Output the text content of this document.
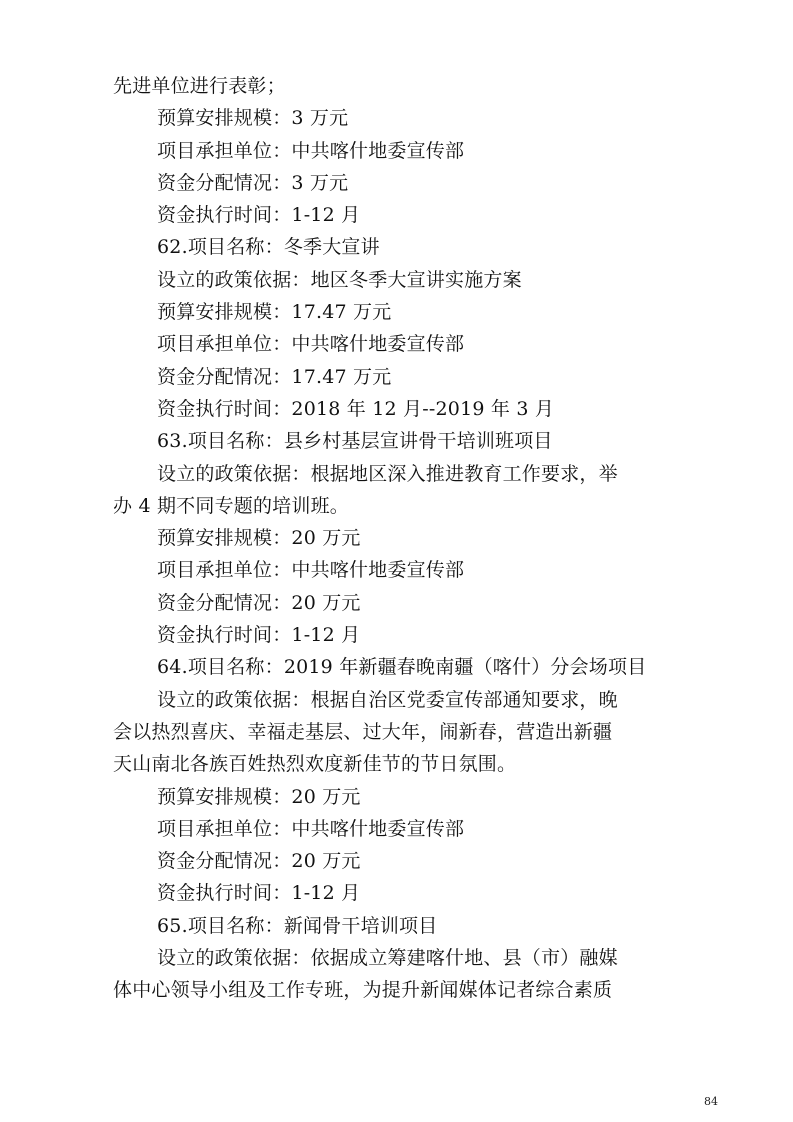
先进单位进行表彰；
预算安排规模：3 万元
项目承担单位：中共喀什地委宣传部
资金分配情况：3 万元
资金执行时间：1-12 月
62.项目名称：冬季大宣讲
设立的政策依据：地区冬季大宣讲实施方案
预算安排规模：17.47 万元
项目承担单位：中共喀什地委宣传部
资金分配情况：17.47 万元
资金执行时间：2018 年 12 月--2019 年 3 月
63.项目名称：县乡村基层宣讲骨干培训班项目
设立的政策依据：根据地区深入推进教育工作要求，举
办 4 期不同专题的培训班。
预算安排规模：20 万元
项目承担单位：中共喀什地委宣传部
资金分配情况：20 万元
资金执行时间：1-12 月
64.项目名称：2019 年新疆春晚南疆（喀什）分会场项目
设立的政策依据：根据自治区党委宣传部通知要求，晚
会以热烈喜庆、幸福走基层、过大年，闹新春，营造出新疆
天山南北各族百姓热烈欢度新佳节的节日氛围。
预算安排规模：20 万元
项目承担单位：中共喀什地委宣传部
资金分配情况：20 万元
资金执行时间：1-12 月
65.项目名称：新闻骨干培训项目
设立的政策依据：依据成立筹建喀什地、县（市）融媒
体中心领导小组及工作专班，为提升新闻媒体记者综合素质
84
